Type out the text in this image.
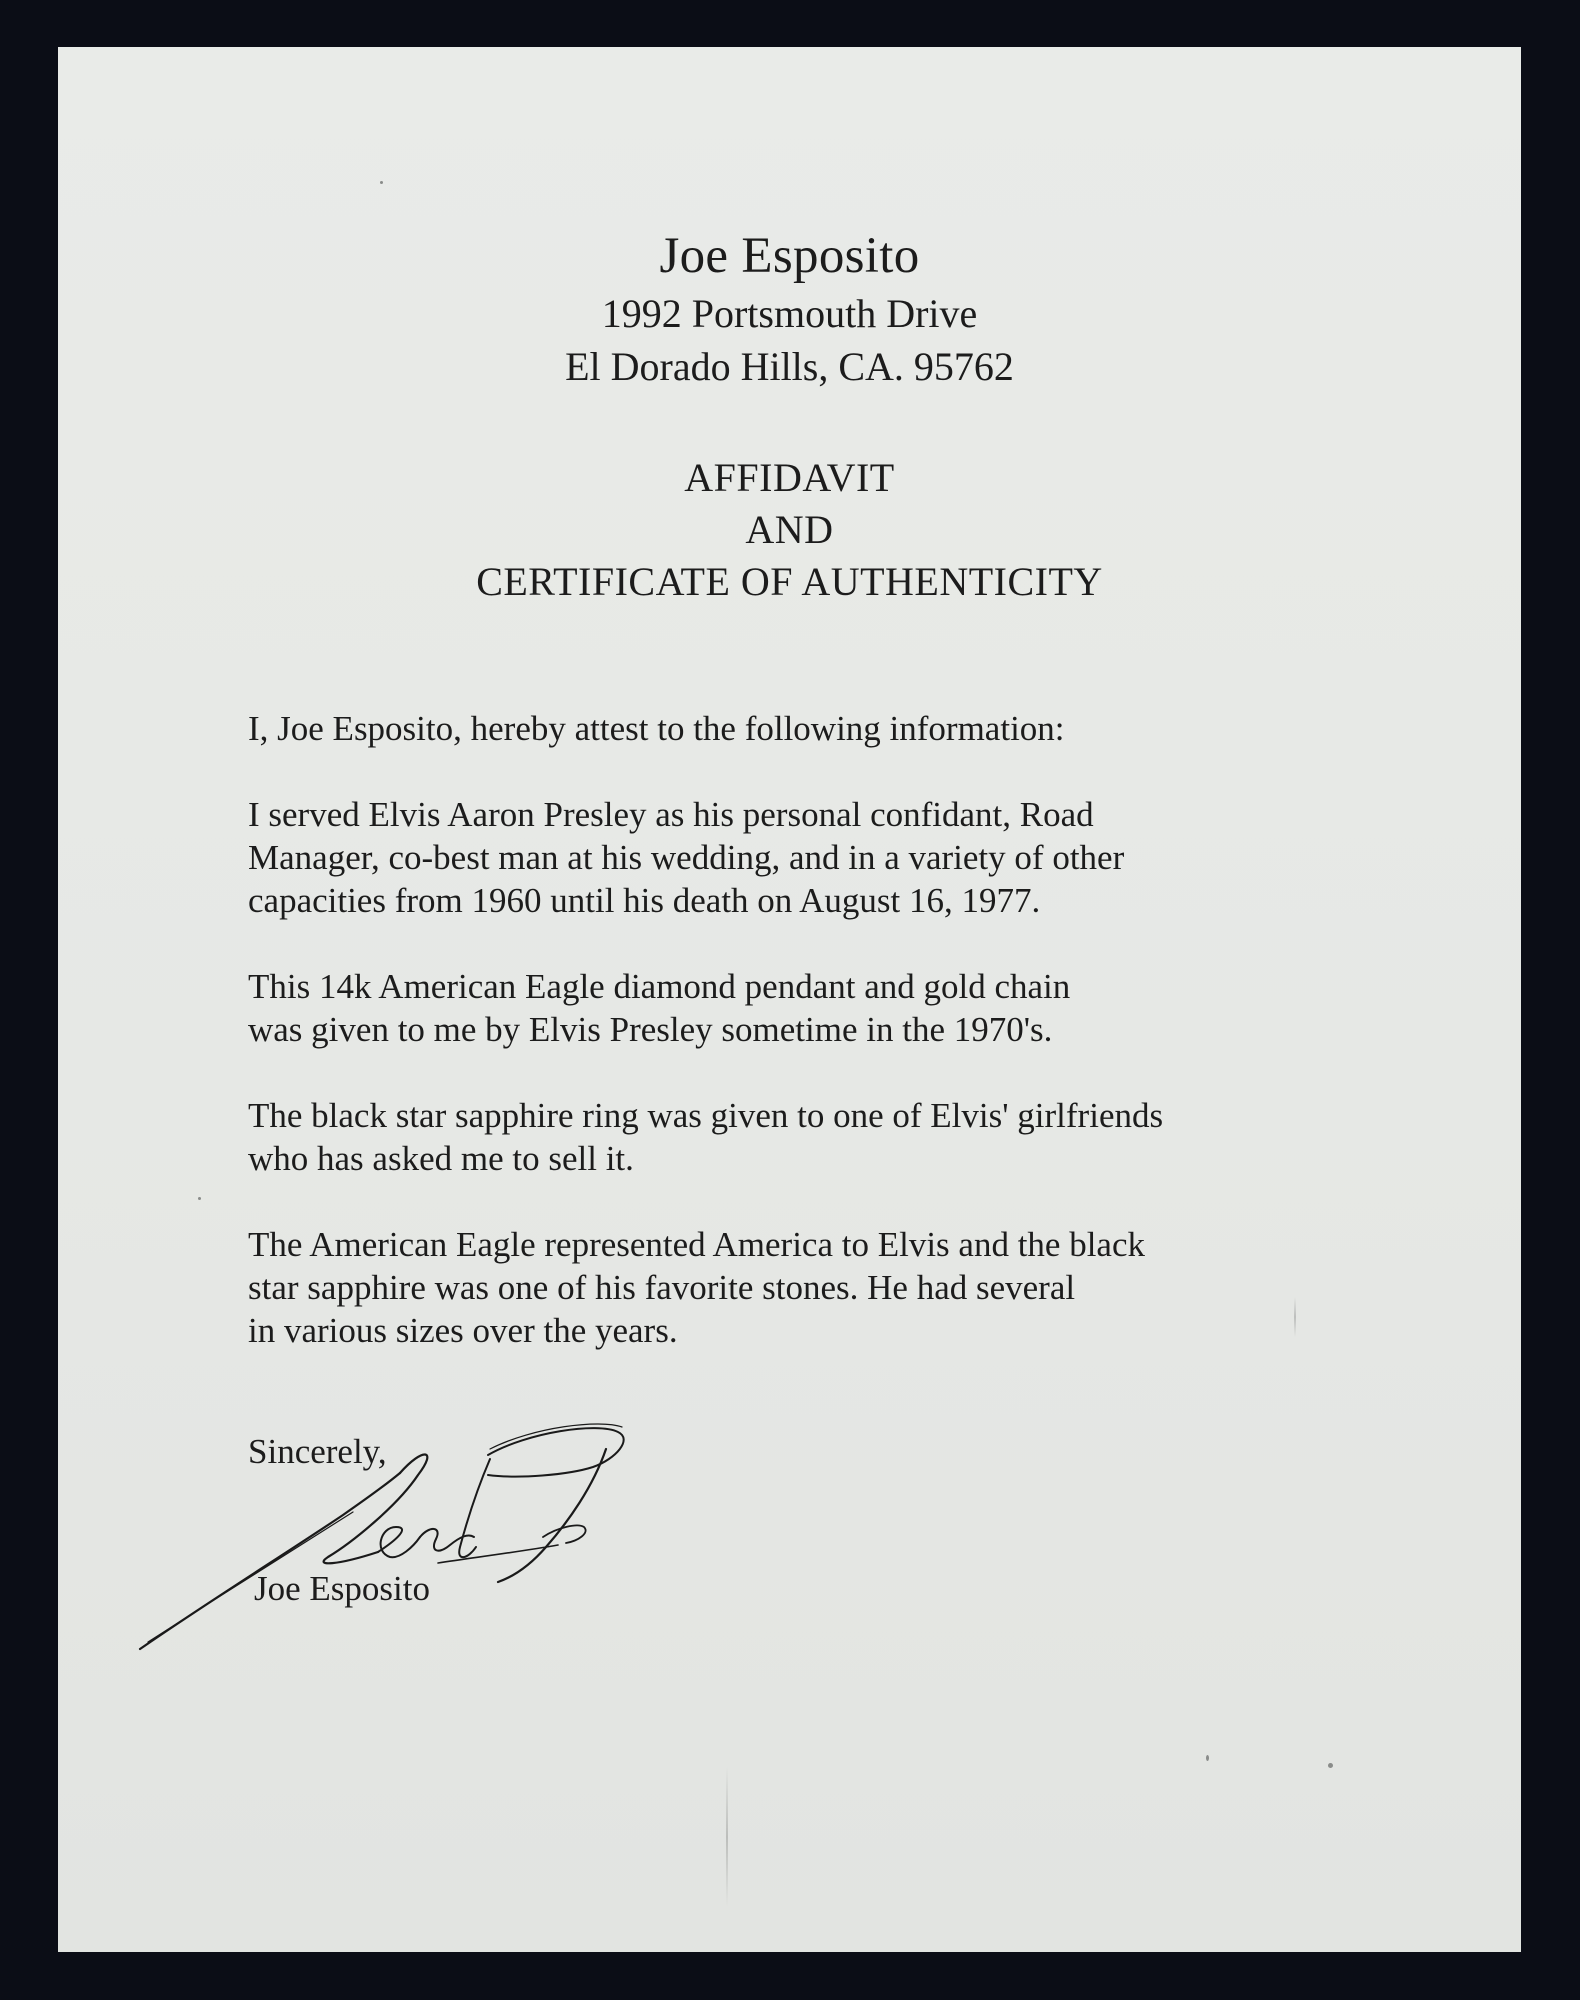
Joe Esposito
1992 Portsmouth Drive
El Dorado Hills, CA. 95762
AFFIDAVIT
AND
CERTIFICATE OF AUTHENTICITY

I, Joe Esposito, hereby attest to the following information:

I served Elvis Aaron Presley as his personal confidant, Road
Manager, co-best man at his wedding, and in a variety of other
capacities from 1960 until his death on August 16, 1977.

This 14k American Eagle diamond pendant and gold chain
was given to me by Elvis Presley sometime in the 1970's.

The black star sapphire ring was given to one of Elvis' girlfriends
who has asked me to sell it.

The American Eagle represented America to Elvis and the black
star sapphire was one of his favorite stones. He had several
in various sizes over the years.

Sincerely,
Joe Esposito
